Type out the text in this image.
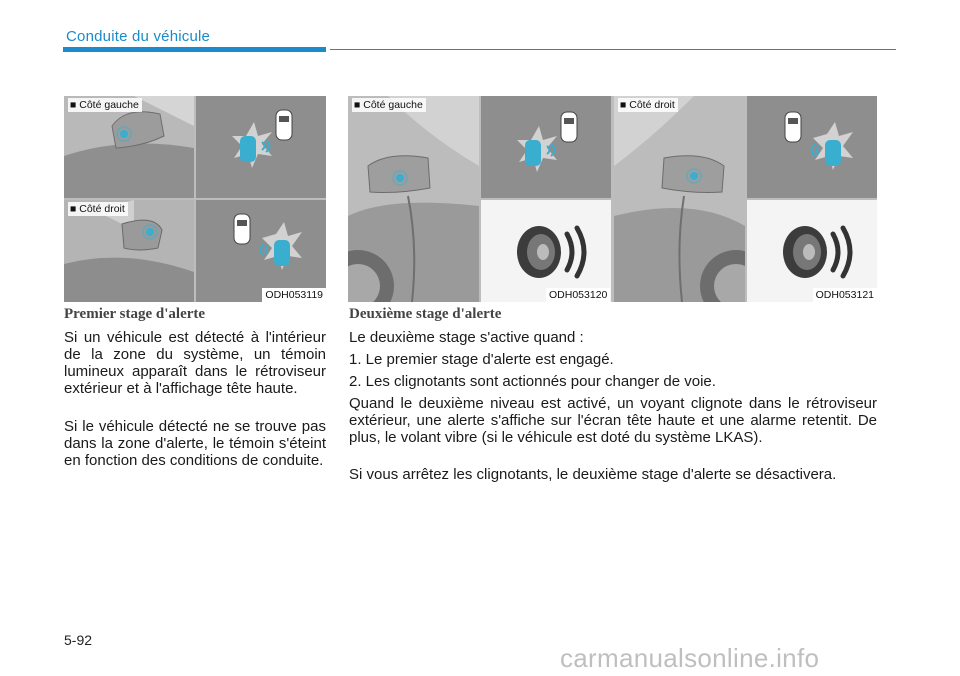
Conduite du véhicule
■ Côté gauche
■ Côté droit
ODH053119
■ Côté gauche	■ Côté droit
ODH053120	ODH053121
Premier stage d'alerte

Si un véhicule est détecté à l'intérieur de la zone du système, un témoin lumineux apparaît dans le rétroviseur extérieur et à l'affichage tête haute.

Si le véhicule détecté ne se trouve pas dans la zone d'alerte, le témoin s'éteint en fonction des conditions de conduite.

Deuxième stage d'alerte

Le deuxième stage s'active quand :

1. Le premier stage d'alerte est engagé.

2. Les clignotants sont actionnés pour changer de voie.

Quand le deuxième niveau est activé, un voyant clignote dans le rétroviseur extérieur, une alerte s'affiche sur l'écran tête haute et une alarme retentit. De plus, le volant vibre (si le véhicule est doté du système LKAS).

Si vous arrêtez les clignotants, le deuxième stage d'alerte se désactivera.

5-92
carmanualsonline.info
